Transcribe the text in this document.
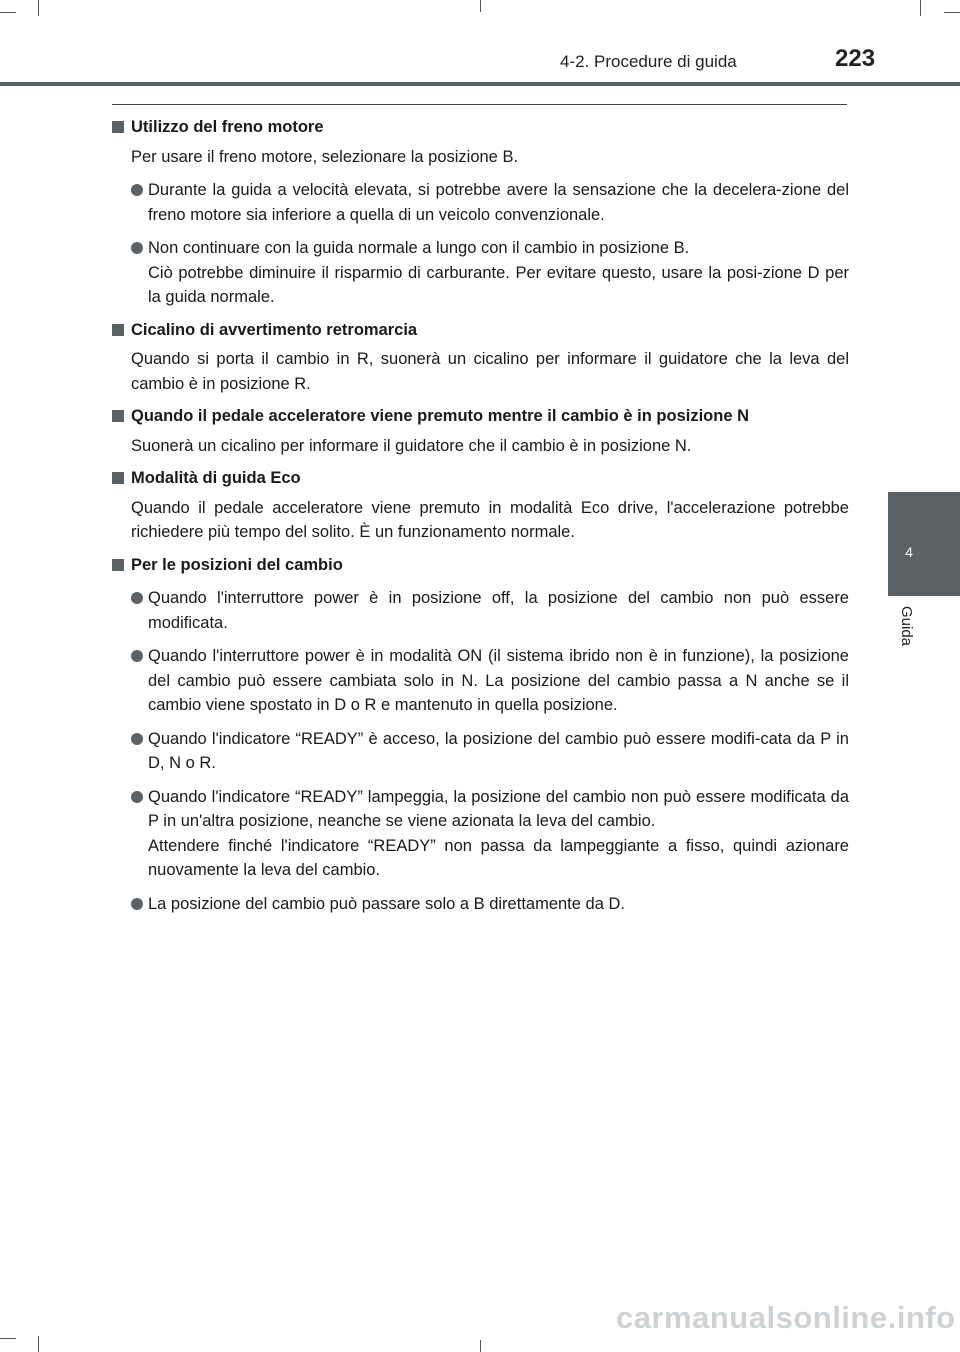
4-2. Procedure di guida	223
4
Guida
Utilizzo del freno motore
Per usare il freno motore, selezionare la posizione B.
Durante la guida a velocità elevata, si potrebbe avere la sensazione che la decelera-zione del freno motore sia inferiore a quella di un veicolo convenzionale.
Non continuare con la guida normale a lungo con il cambio in posizione B.
Ciò potrebbe diminuire il risparmio di carburante. Per evitare questo, usare la posi-zione D per la guida normale.
Cicalino di avvertimento retromarcia
Quando si porta il cambio in R, suonerà un cicalino per informare il guidatore che la leva del cambio è in posizione R.
Quando il pedale acceleratore viene premuto mentre il cambio è in posizione N
Suonerà un cicalino per informare il guidatore che il cambio è in posizione N.
Modalità di guida Eco
Quando il pedale acceleratore viene premuto in modalità Eco drive, l'accelerazione potrebbe richiedere più tempo del solito. È un funzionamento normale.
Per le posizioni del cambio
Quando l'interruttore power è in posizione off, la posizione del cambio non può essere modificata.
Quando l'interruttore power è in modalità ON (il sistema ibrido non è in funzione), la posizione del cambio può essere cambiata solo in N. La posizione del cambio passa a N anche se il cambio viene spostato in D o R e mantenuto in quella posizione.
Quando l'indicatore “READY” è acceso, la posizione del cambio può essere modifi-cata da P in D, N o R.
Quando l'indicatore “READY” lampeggia, la posizione del cambio non può essere modificata da P in un'altra posizione, neanche se viene azionata la leva del cambio.
Attendere finché l'indicatore “READY” non passa da lampeggiante a fisso, quindi azionare nuovamente la leva del cambio.
La posizione del cambio può passare solo a B direttamente da D.
carmanualsonline.info
